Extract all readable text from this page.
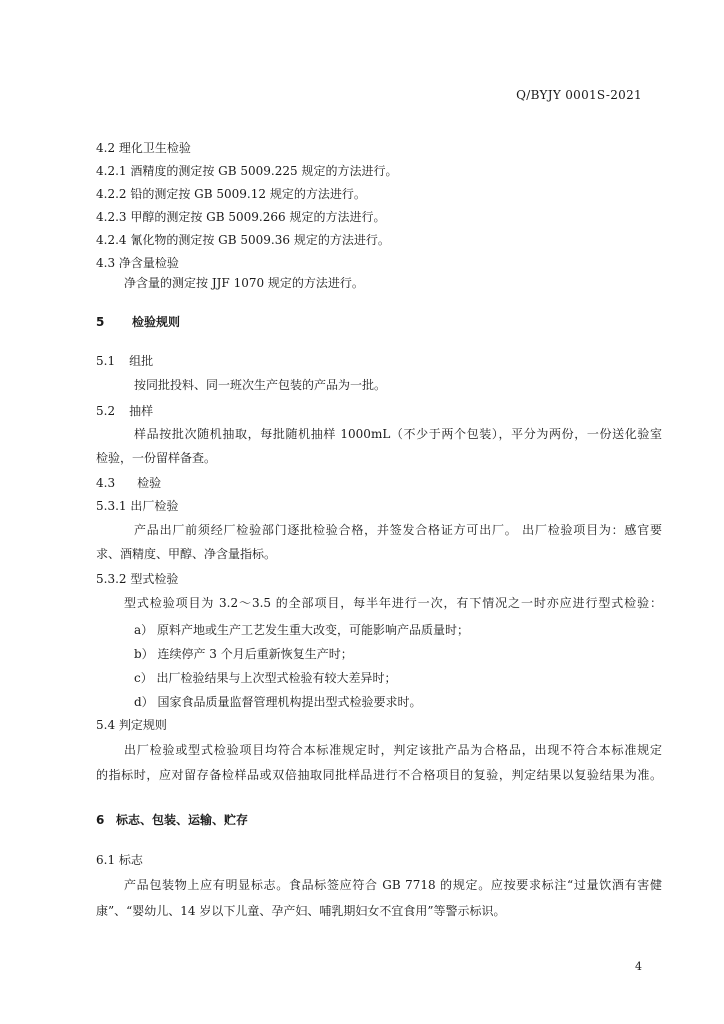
Q/BYJY 0001S-2021
4.2 理化卫生检验
4.2.1 酒精度的测定按 GB 5009.225 规定的方法进行。
4.2.2 铅的测定按 GB 5009.12 规定的方法进行。
4.2.3 甲醇的测定按 GB 5009.266 规定的方法进行。
4.2.4 氰化物的测定按 GB 5009.36 规定的方法进行。
4.3 净含量检验
净含量的测定按 JJF 1070 规定的方法进行。
5 检验规则
5.1 组批
按同批投料、同一班次生产包装的产品为一批。
5.2 抽样
样品按批次随机抽取，每批随机抽样 1000mL（不少于两个包装），平分为两份，一份送化验室
检验，一份留样备查。
4.3 检验
5.3.1 出厂检验
产品出厂前须经厂检验部门逐批检验合格，并签发合格证方可出厂。 出厂检验项目为：感官要
求、酒精度、甲醇、净含量指标。
5.3.2 型式检验
型式检验项目为 3.2～3.5 的全部项目，每半年进行一次，有下情况之一时亦应进行型式检验：
a） 原料产地或生产工艺发生重大改变，可能影响产品质量时；
b） 连续停产 3 个月后重新恢复生产时；
c） 出厂检验结果与上次型式检验有较大差异时；
d） 国家食品质量监督管理机构提出型式检验要求时。
5.4 判定规则
出厂检验或型式检验项目均符合本标准规定时，判定该批产品为合格品，出现不符合本标准规定
的指标时，应对留存备检样品或双倍抽取同批样品进行不合格项目的复验，判定结果以复验结果为准。
6 标志、包装、运输、贮存
6.1 标志
产品包装物上应有明显标志。食品标签应符合 GB 7718 的规定。应按要求标注“过量饮酒有害健
康”、“婴幼儿、14 岁以下儿童、孕产妇、哺乳期妇女不宜食用”等警示标识。
4
